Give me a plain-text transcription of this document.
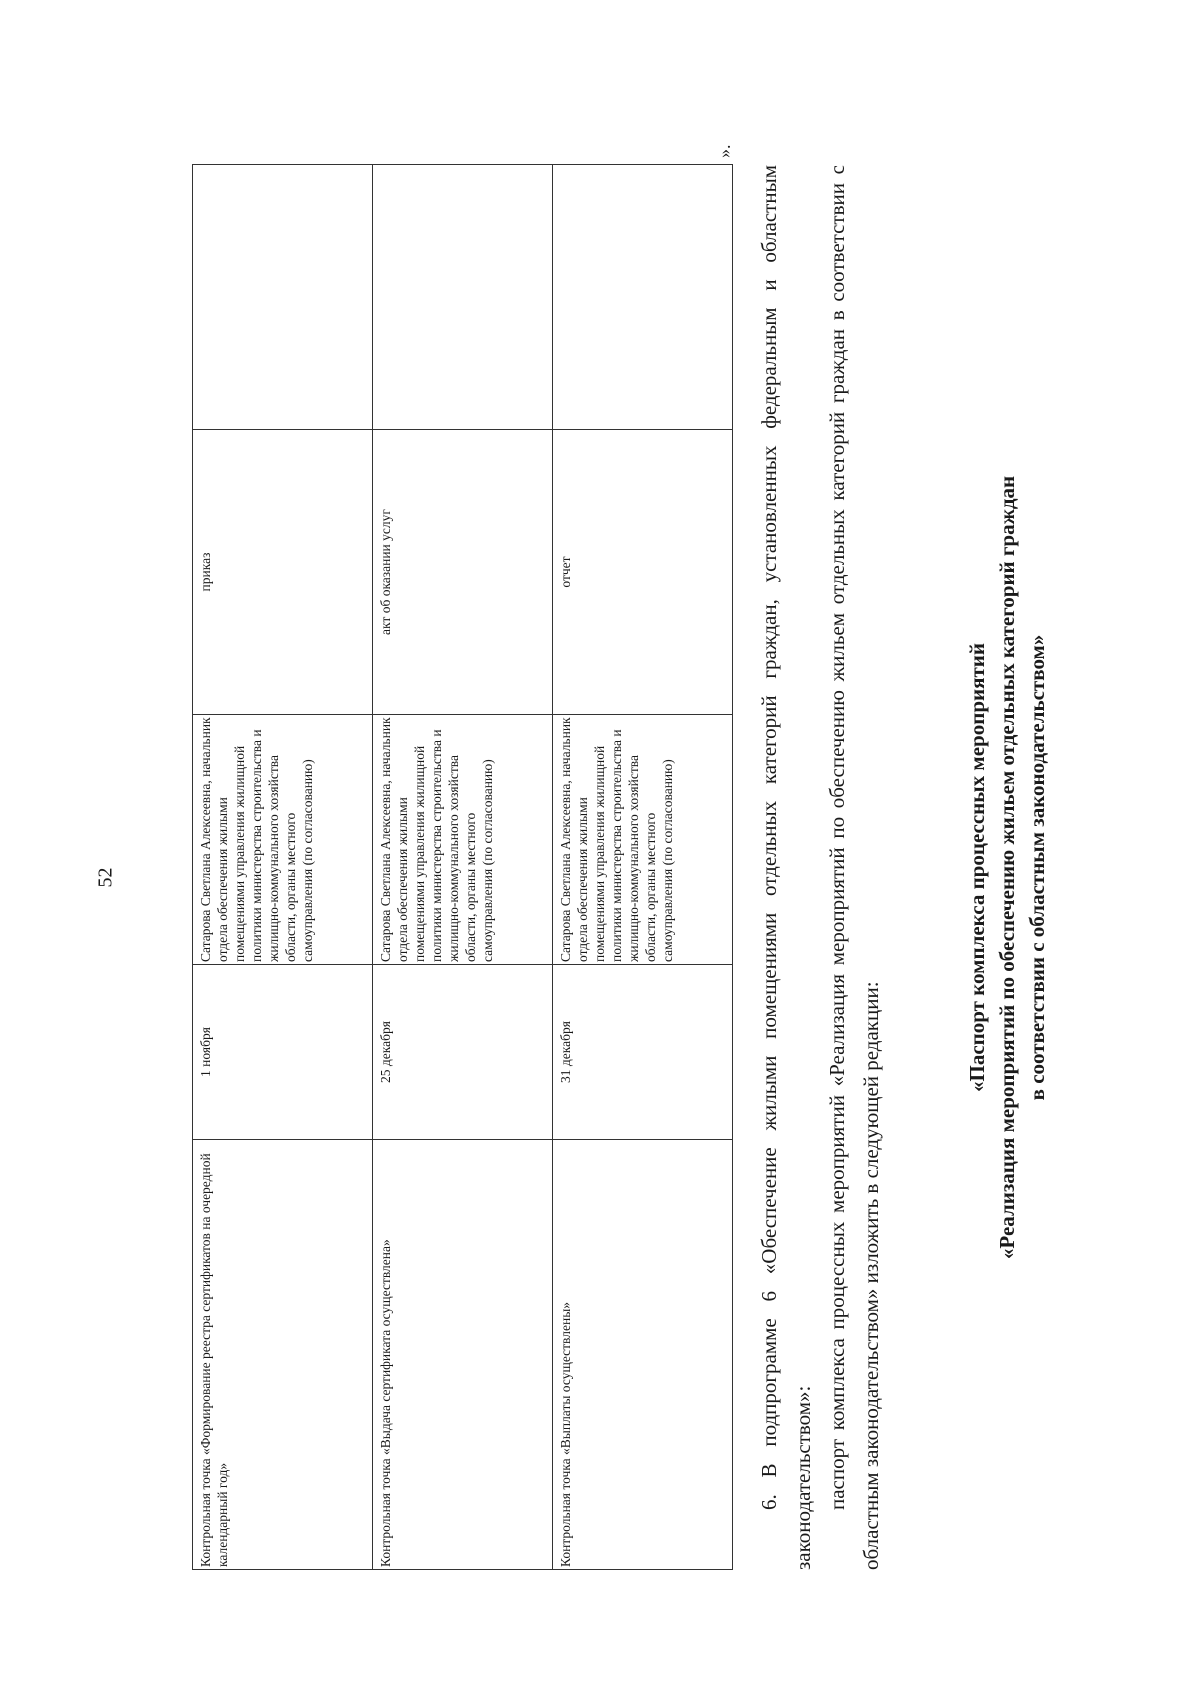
52
Контрольная точка «Формирование реестра сертификатов на очередной календарный год»	1 ноября	Сатарова Светлана Алексеевна, начальник отдела обеспечения жилыми помещениями управления жилищной политики министерства строительства и жилищно-коммунального хозяйства области, органы местного самоуправления (по согласованию)	приказ	
Контрольная точка «Выдача сертификата осуществлена»	25 декабря	Сатарова Светлана Алексеевна, начальник отдела обеспечения жилыми помещениями управления жилищной политики министерства строительства и жилищно-коммунального хозяйства области, органы местного самоуправления (по согласованию)	акт об оказании услуг	
Контрольная точка «Выплаты осуществлены»	31 декабря	Сатарова Светлана Алексеевна, начальник отдела обеспечения жилыми помещениями управления жилищной политики министерства строительства и жилищно-коммунального хозяйства области, органы местного самоуправления (по согласованию)	отчет	
».

6. В подпрограмме 6 «Обеспечение жилыми помещениями отдельных категорий граждан, установленных федеральным и областным законодательством»: паспорт комплекса процессных мероприятий «Реализация мероприятий по обеспечению жильем отдельных категорий граждан в соответствии с областным законодательством» изложить в следующей редакции:

«Паспорт комплекса процессных мероприятий «Реализация мероприятий по обеспечению жильем отдельных категорий граждан в соответствии с областным законодательством»
